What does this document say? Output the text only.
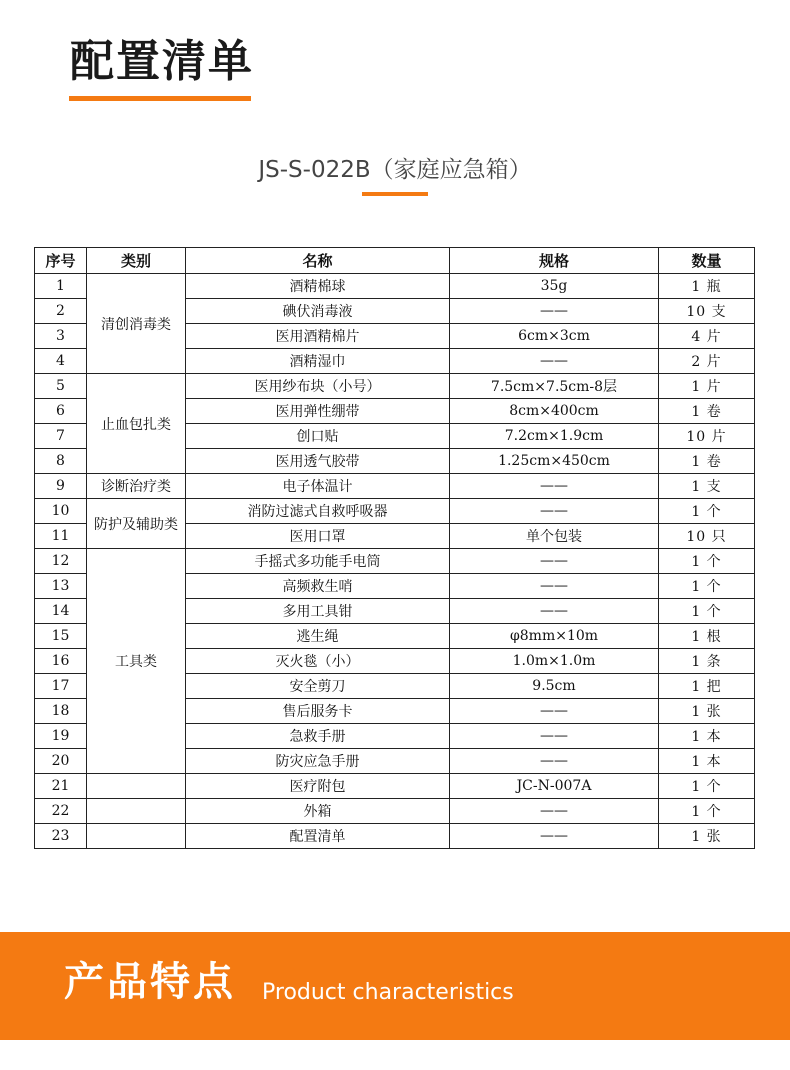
配置清单
JS-S-022B（家庭应急箱）
序号	类别	名称	规格	数量
1	清创消毒类	酒精棉球	35g	1 瓶
2		碘伏消毒液	——	10 支
3		医用酒精棉片	6cm×3cm	4 片
4		酒精湿巾	——	2 片
5	止血包扎类	医用纱布块（小号）	7.5cm×7.5cm-8层	1 片
6		医用弹性绷带	8cm×400cm	1 卷
7		创口贴	7.2cm×1.9cm	10 片
8		医用透气胶带	1.25cm×450cm	1 卷
9	诊断治疗类	电子体温计	——	1 支
10	防护及辅助类	消防过滤式自救呼吸器	——	1 个
11		医用口罩	单个包装	10 只
12	工具类	手摇式多功能手电筒	——	1 个
13		高频救生哨	——	1 个
14		多用工具钳	——	1 个
15		逃生绳	φ8mm×10m	1 根
16		灭火毯（小）	1.0m×1.0m	1 条
17		安全剪刀	9.5cm	1 把
18		售后服务卡	——	1 张
19		急救手册	——	1 本
20		防灾应急手册	——	1 本
21		医疗附包	JC-N-007A	1 个
22		外箱	——	1 个
23		配置清单	——	1 张
产品特点 Product characteristics
